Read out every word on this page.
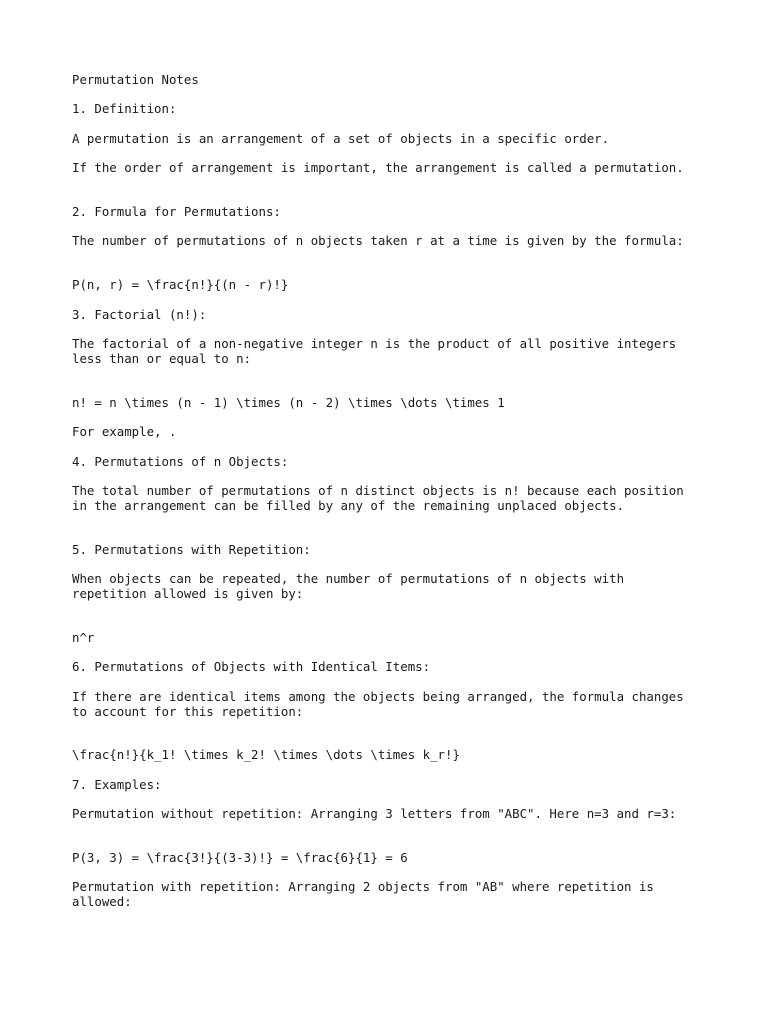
Permutation Notes
1. Definition:
A permutation is an arrangement of a set of objects in a specific order.
If the order of arrangement is important, the arrangement is called a permutation.
2. Formula for Permutations:
The number of permutations of n objects taken r at a time is given by the formula:
P(n, r) = \frac{n!}{(n - r)!}
3. Factorial (n!):
The factorial of a non-negative integer n is the product of all positive integers
less than or equal to n:
n! = n \times (n - 1) \times (n - 2) \times \dots \times 1
For example, .
4. Permutations of n Objects:
The total number of permutations of n distinct objects is n! because each position
in the arrangement can be filled by any of the remaining unplaced objects.
5. Permutations with Repetition:
When objects can be repeated, the number of permutations of n objects with
repetition allowed is given by:
n^r
6. Permutations of Objects with Identical Items:
If there are identical items among the objects being arranged, the formula changes
to account for this repetition:
\frac{n!}{k_1! \times k_2! \times \dots \times k_r!}
7. Examples:
Permutation without repetition: Arranging 3 letters from "ABC". Here n=3 and r=3:
P(3, 3) = \frac{3!}{(3-3)!} = \frac{6}{1} = 6
Permutation with repetition: Arranging 2 objects from "AB" where repetition is
allowed:
